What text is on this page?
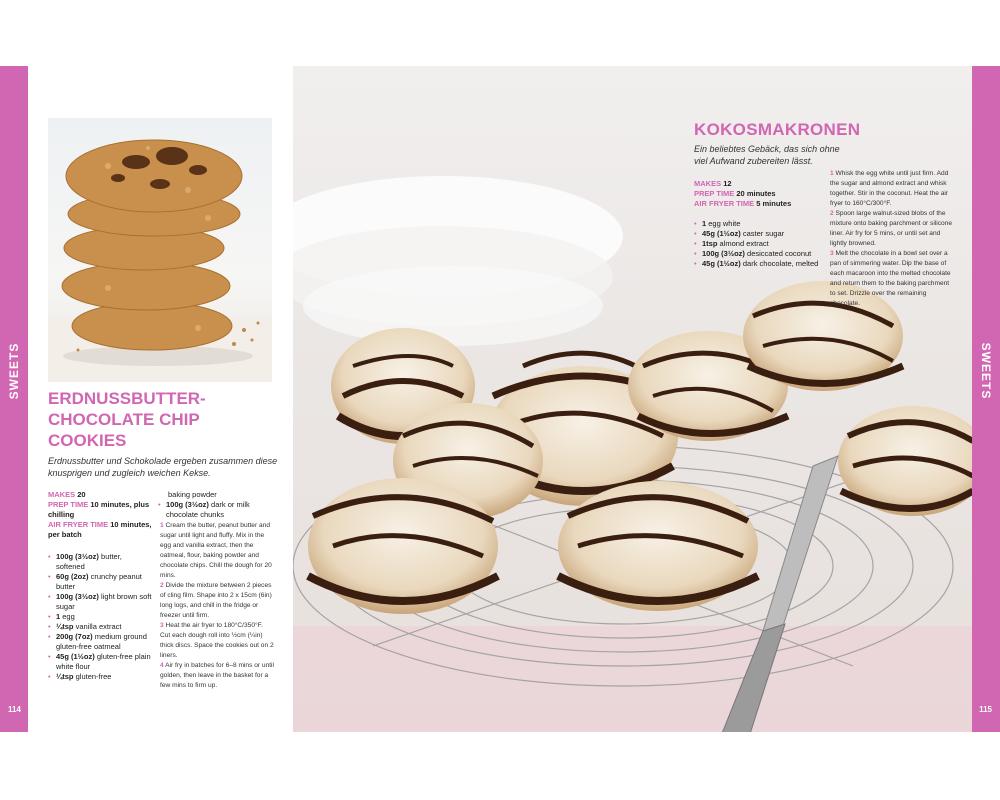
SWEETS
114
ERDNUSSBUTTER-CHOCOLATE CHIP COOKIES

Erdnussbutter und Schokolade ergeben zusammen diese knusprigen und zugleich weichen Kekse.

MAKES 20
PREP TIME 10 minutes, plus chilling
AIR FRYER TIME 10 minutes, per batch
• 100g (3½oz) butter, softened
• 60g (2oz) crunchy peanut butter
• 100g (3½oz) light brown soft sugar
• 1 egg
• ¼tsp vanilla extract
• 200g (7oz) medium ground gluten-free oatmeal
• 45g (1½oz) gluten-free plain white flour
• ¼tsp gluten-free
baking powder
• 100g (3½oz) dark or milk chocolate chunks
1 Cream the butter, peanut butter and sugar until light and fluffy. Mix in the egg and vanilla extract, then the oatmeal, flour, baking powder and chocolate chips. Chill the dough for 20 mins.
2 Divide the mixture between 2 pieces of cling film. Shape into 2 x 15cm (6in) long logs, and chill in the fridge or freezer until firm.
3 Heat the air fryer to 180°C/350°F. Cut each dough roll into ½cm (¼in) thick discs. Space the cookies out on 2 liners.
4 Air fry in batches for 6–8 mins or until golden, then leave in the basket for a few mins to firm up.
KOKOSMAKRONEN

Ein beliebtes Gebäck, das sich ohne viel Aufwand zubereiten lässt.

MAKES 12
PREP TIME 20 minutes
AIR FRYER TIME 5 minutes
• 1 egg white
• 45g (1½oz) caster sugar
• 1tsp almond extract
• 100g (3½oz) desiccated coconut
• 45g (1½oz) dark chocolate, melted
1 Whisk the egg white until just firm. Add the sugar and almond extract and whisk together. Stir in the coconut. Heat the air fryer to 160°C/300°F.
2 Spoon large walnut-sized blobs of the mixture onto baking parchment or silicone liner. Air fry for 5 mins, or until set and lightly browned.
3 Melt the chocolate in a bowl set over a pan of simmering water. Dip the base of each macaroon into the melted chocolate and return them to the baking parchment to set. Drizzle over the remaining chocolate.
SWEETS
115
